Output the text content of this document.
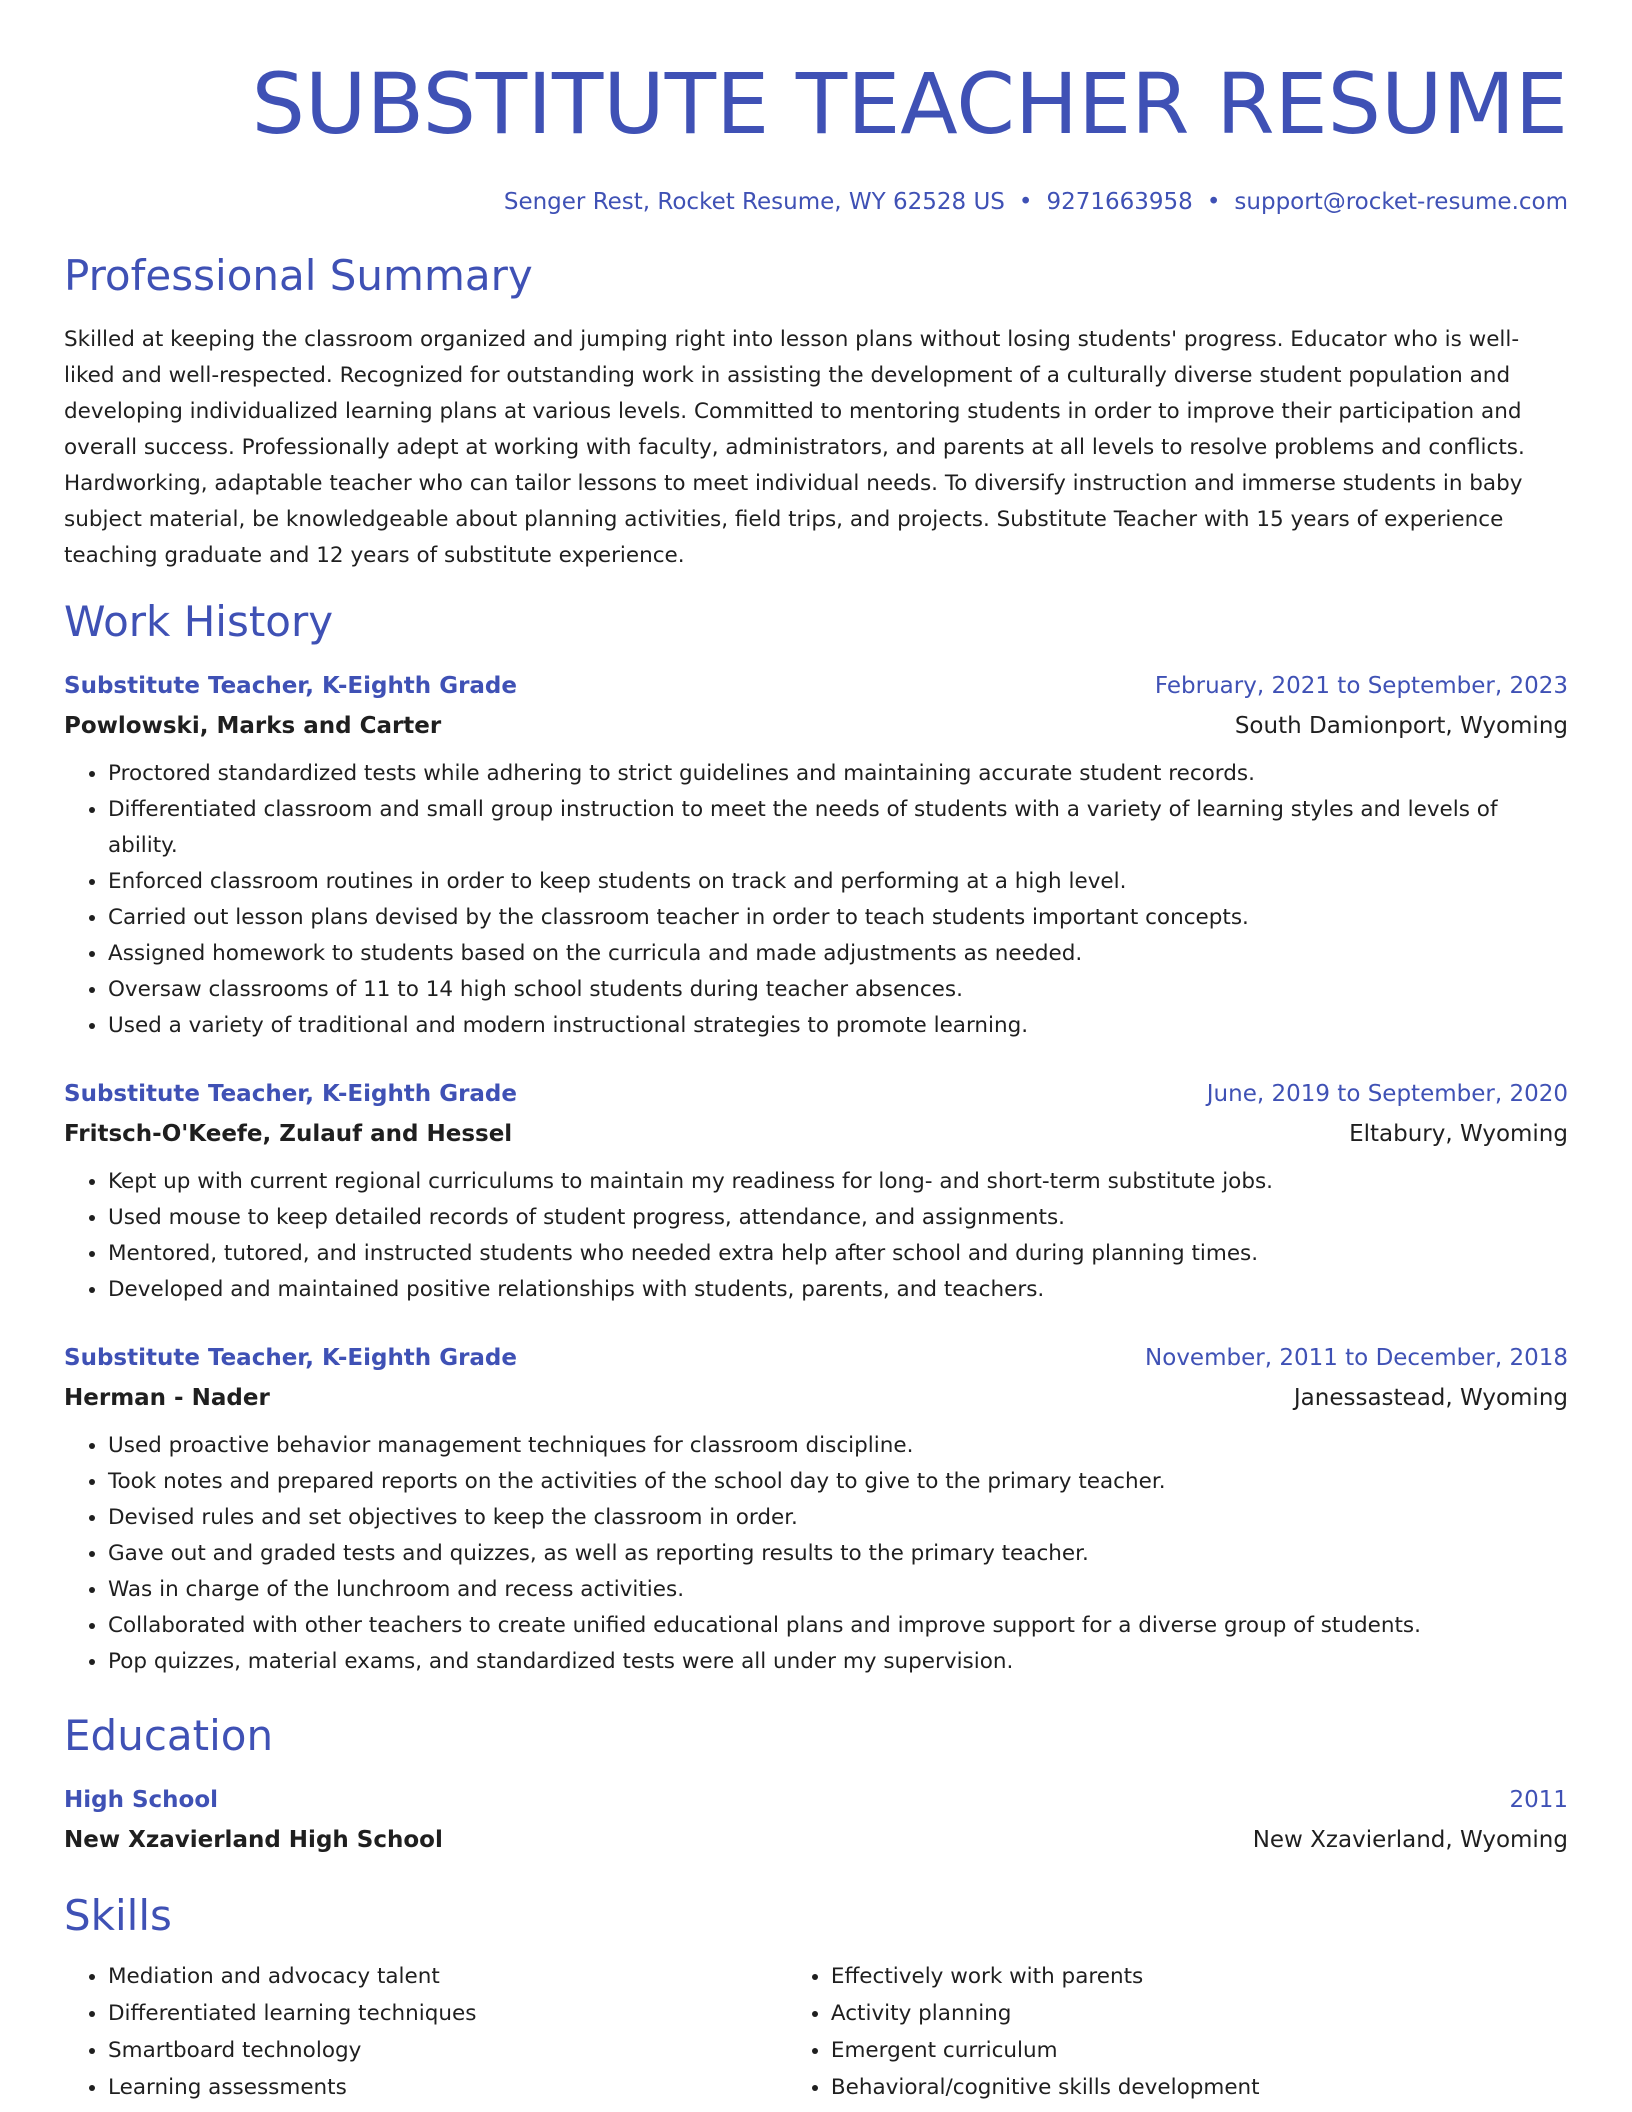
SUBSTITUTE TEACHER RESUME
Senger Rest, Rocket Resume, WY 62528 US • 9271663958 • support@rocket-resume.com
Professional Summary
Skilled at keeping the classroom organized and jumping right into lesson plans without losing students' progress. Educator who is well-liked and well-respected. Recognized for outstanding work in assisting the development of a culturally diverse student population and developing individualized learning plans at various levels. Committed to mentoring students in order to improve their participation and overall success. Professionally adept at working with faculty, administrators, and parents at all levels to resolve problems and conflicts. Hardworking, adaptable teacher who can tailor lessons to meet individual needs. To diversify instruction and immerse students in baby subject material, be knowledgeable about planning activities, field trips, and projects. Substitute Teacher with 15 years of experience teaching graduate and 12 years of substitute experience.
Work History
Substitute Teacher, K-Eighth Grade	February, 2021 to September, 2023
Powlowski, Marks and Carter	South Damionport, Wyoming
• Proctored standardized tests while adhering to strict guidelines and maintaining accurate student records.
• Differentiated classroom and small group instruction to meet the needs of students with a variety of learning styles and levels of ability.
• Enforced classroom routines in order to keep students on track and performing at a high level.
• Carried out lesson plans devised by the classroom teacher in order to teach students important concepts.
• Assigned homework to students based on the curricula and made adjustments as needed.
• Oversaw classrooms of 11 to 14 high school students during teacher absences.
• Used a variety of traditional and modern instructional strategies to promote learning.
Substitute Teacher, K-Eighth Grade	June, 2019 to September, 2020
Fritsch-O'Keefe, Zulauf and Hessel	Eltabury, Wyoming
• Kept up with current regional curriculums to maintain my readiness for long- and short-term substitute jobs.
• Used mouse to keep detailed records of student progress, attendance, and assignments.
• Mentored, tutored, and instructed students who needed extra help after school and during planning times.
• Developed and maintained positive relationships with students, parents, and teachers.
Substitute Teacher, K-Eighth Grade	November, 2011 to December, 2018
Herman - Nader	Janessastead, Wyoming
• Used proactive behavior management techniques for classroom discipline.
• Took notes and prepared reports on the activities of the school day to give to the primary teacher.
• Devised rules and set objectives to keep the classroom in order.
• Gave out and graded tests and quizzes, as well as reporting results to the primary teacher.
• Was in charge of the lunchroom and recess activities.
• Collaborated with other teachers to create unified educational plans and improve support for a diverse group of students.
• Pop quizzes, material exams, and standardized tests were all under my supervision.
Education
High School	2011
New Xzavierland High School	New Xzavierland, Wyoming
Skills
• Mediation and advocacy talent
• Differentiated learning techniques
• Smartboard technology
• Learning assessments
• Effectively work with parents
• Activity planning
• Emergent curriculum
• Behavioral/cognitive skills development
